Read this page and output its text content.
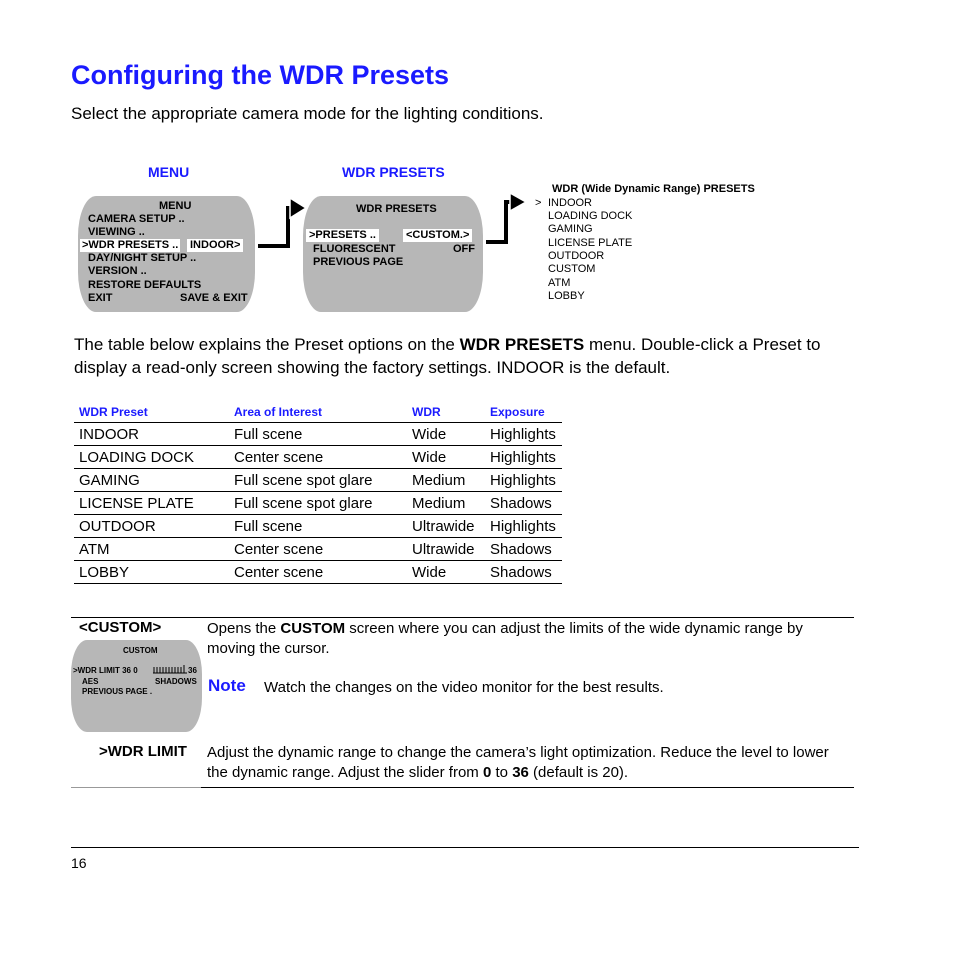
Configuring the WDR Presets
Select the appropriate camera mode for the lighting conditions.
MENU	WDR PRESETS
MENU
CAMERA SETUP ..
VIEWING ..
>WDR PRESETS .. INDOOR>
DAY/NIGHT SETUP ..
VERSION ..
RESTORE DEFAULTS
EXIT	SAVE & EXIT
WDR PRESETS
>PRESETS ..	<CUSTOM.>
FLUORESCENT	OFF
PREVIOUS PAGE
WDR (Wide Dynamic Range) PRESETS
> INDOOR
LOADING DOCK
GAMING
LICENSE PLATE
OUTDOOR
CUSTOM
ATM
LOBBY
The table below explains the Preset options on the WDR PRESETS menu. Double-click a Preset to display a read-only screen showing the factory settings. INDOOR is the default.
WDR Preset	Area of Interest	WDR	Exposure
INDOOR	Full scene	Wide	Highlights
LOADING DOCK	Center scene	Wide	Highlights
GAMING	Full scene spot glare	Medium	Highlights
LICENSE PLATE	Full scene spot glare	Medium	Shadows
OUTDOOR	Full scene	Ultrawide	Highlights
ATM	Center scene	Ultrawide	Shadows
LOBBY	Center scene	Wide	Shadows
<CUSTOM>	Opens the CUSTOM screen where you can adjust the limits of the wide dynamic range by moving the cursor.
CUSTOM
>WDR LIMIT 36 0	36
AES	SHADOWS
PREVIOUS PAGE .	Note Watch the changes on the video monitor for the best results.
>WDR LIMIT Adjust the dynamic range to change the camera’s light optimization. Reduce the level to lower the dynamic range. Adjust the slider from 0 to 36 (default is 20).
16
